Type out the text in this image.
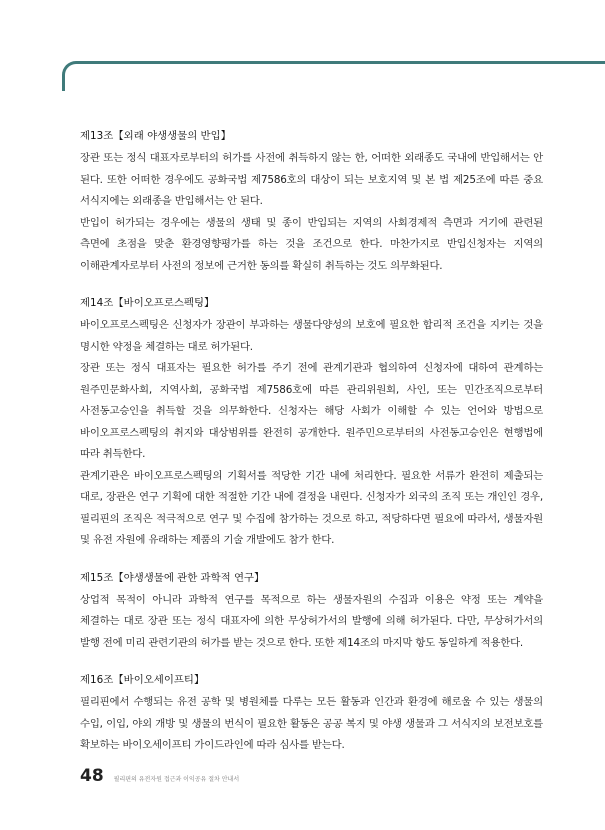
제13조【외래 야생생물의 반입】
장관 또는 정식 대표자로부터의 허가를 사전에 취득하지 않는 한, 어떠한 외래종도 국내에 반입해서는 안 된다. 또한 어떠한 경우에도 공화국법 제7586호의 대상이 되는 보호지역 및 본 법 제25조에 따른 중요 서식지에는 외래종을 반입해서는 안 된다.
반입이 허가되는 경우에는 생물의 생태 및 종이 반입되는 지역의 사회경제적 측면과 거기에 관련된 측면에 초점을 맞춘 환경영향평가를 하는 것을 조건으로 한다. 마찬가지로 반입신청자는 지역의 이해관계자로부터 사전의 정보에 근거한 동의를 확실히 취득하는 것도 의무화된다.
제14조【바이오프로스펙팅】
바이오프로스펙팅은 신청자가 장관이 부과하는 생물다양성의 보호에 필요한 합리적 조건을 지키는 것을 명시한 약정을 체결하는 대로 허가된다.
장관 또는 정식 대표자는 필요한 허가를 주기 전에 관계기관과 협의하여 신청자에 대하여 관계하는 원주민문화사회, 지역사회, 공화국법 제7586호에 따른 관리위원회, 사인, 또는 민간조직으로부터 사전동고승인을 취득할 것을 의무화한다. 신청자는 해당 사회가 이해할 수 있는 언어와 방법으로 바이오프로스펙팅의 취지와 대상범위를 완전히 공개한다. 원주민으로부터의 사전동고승인은 현행법에 따라 취득한다.
관계기관은 바이오프로스펙팅의 기획서를 적당한 기간 내에 처리한다. 필요한 서류가 완전히 제출되는 대로, 장관은 연구 기획에 대한 적절한 기간 내에 결정을 내린다. 신청자가 외국의 조직 또는 개인인 경우, 필리핀의 조직은 적극적으로 연구 및 수집에 참가하는 것으로 하고, 적당하다면 필요에 따라서, 생물자원 및 유전 자원에 유래하는 제품의 기술 개발에도 참가 한다.
제15조【야생생물에 관한 과학적 연구】
상업적 목적이 아니라 과학적 연구를 목적으로 하는 생물자원의 수집과 이용은 약정 또는 계약을 체결하는 대로 장관 또는 정식 대표자에 의한 무상허가서의 발행에 의해 허가된다. 다만, 무상허가서의 발행 전에 미리 관련기관의 허가를 받는 것으로 한다. 또한 제14조의 마지막 항도 동일하게 적용한다.
제16조【바이오세이프티】
필리핀에서 수행되는 유전 공학 및 병원체를 다루는 모든 활동과 인간과 환경에 해로울 수 있는 생물의 수입, 이입, 야외 개방 및 생물의 번식이 필요한 활동은 공공 복지 및 야생 생물과 그 서식지의 보전보호를 확보하는 바이오세이프티 가이드라인에 따라 심사를 받는다.
48 필리핀의 유전자원 접근과 이익공유 절차 안내서
